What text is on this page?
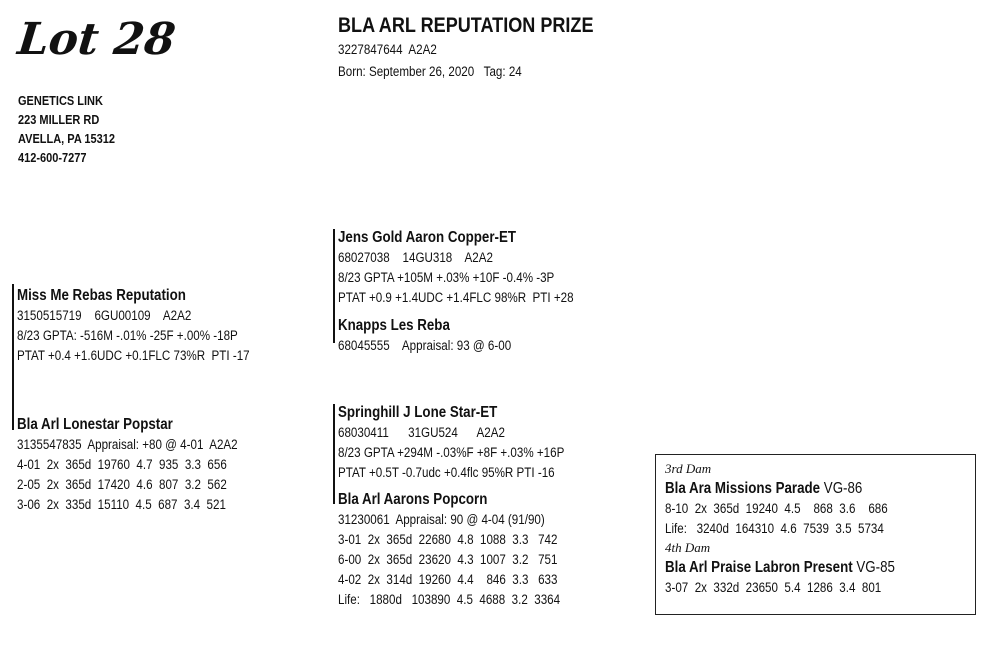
Lot 28	BLA ARL REPUTATION PRIZE
3227847644  A2A2
Born: September 26, 2020   Tag: 24
GENETICS LINK
223 MILLER RD
AVELLA, PA 15312
412-600-7277
Miss Me Rebas Reputation
3150515719    6GU00109    A2A2
8/23 GPTA: -516M -.01% -25F +.00% -18P
PTAT +0.4 +1.6UDC +0.1FLC 73%R  PTI -17
Jens Gold Aaron Copper-ET
68027038    14GU318    A2A2
8/23 GPTA +105M +.03% +10F -0.4% -3P
PTAT +0.9 +1.4UDC +1.4FLC 98%R  PTI +28
Knapps Les Reba
68045555    Appraisal: 93 @ 6-00
Bla Arl Lonestar Popstar
3135547835  Appraisal: +80 @ 4-01  A2A2
4-01  2x  365d  19760  4.7  935  3.3  656
2-05  2x  365d  17420  4.6  807  3.2  562
3-06  2x  335d  15110  4.5  687  3.4  521
Springhill J Lone Star-ET
68030411      31GU524      A2A2
8/23 GPTA +294M -.03%F +8F +.03% +16P
PTAT +0.5T -0.7udc +0.4flc 95%R PTI -16
Bla Arl Aarons Popcorn
31230061  Appraisal: 90 @ 4-04 (91/90)
3-01  2x  365d  22680  4.8  1088  3.3   742
6-00  2x  365d  23620  4.3  1007  3.2   751
4-02  2x  314d  19260  4.4    846  3.3   633
Life:   1880d   103890  4.5  4688  3.2  3364
3rd Dam
Bla Ara Missions Parade VG-86
8-10  2x  365d  19240  4.5    868  3.6    686
Life:   3240d  164310  4.6  7539  3.5  5734
4th Dam
Bla Arl Praise Labron Present VG-85
3-07  2x  332d  23650  5.4  1286  3.4  801
